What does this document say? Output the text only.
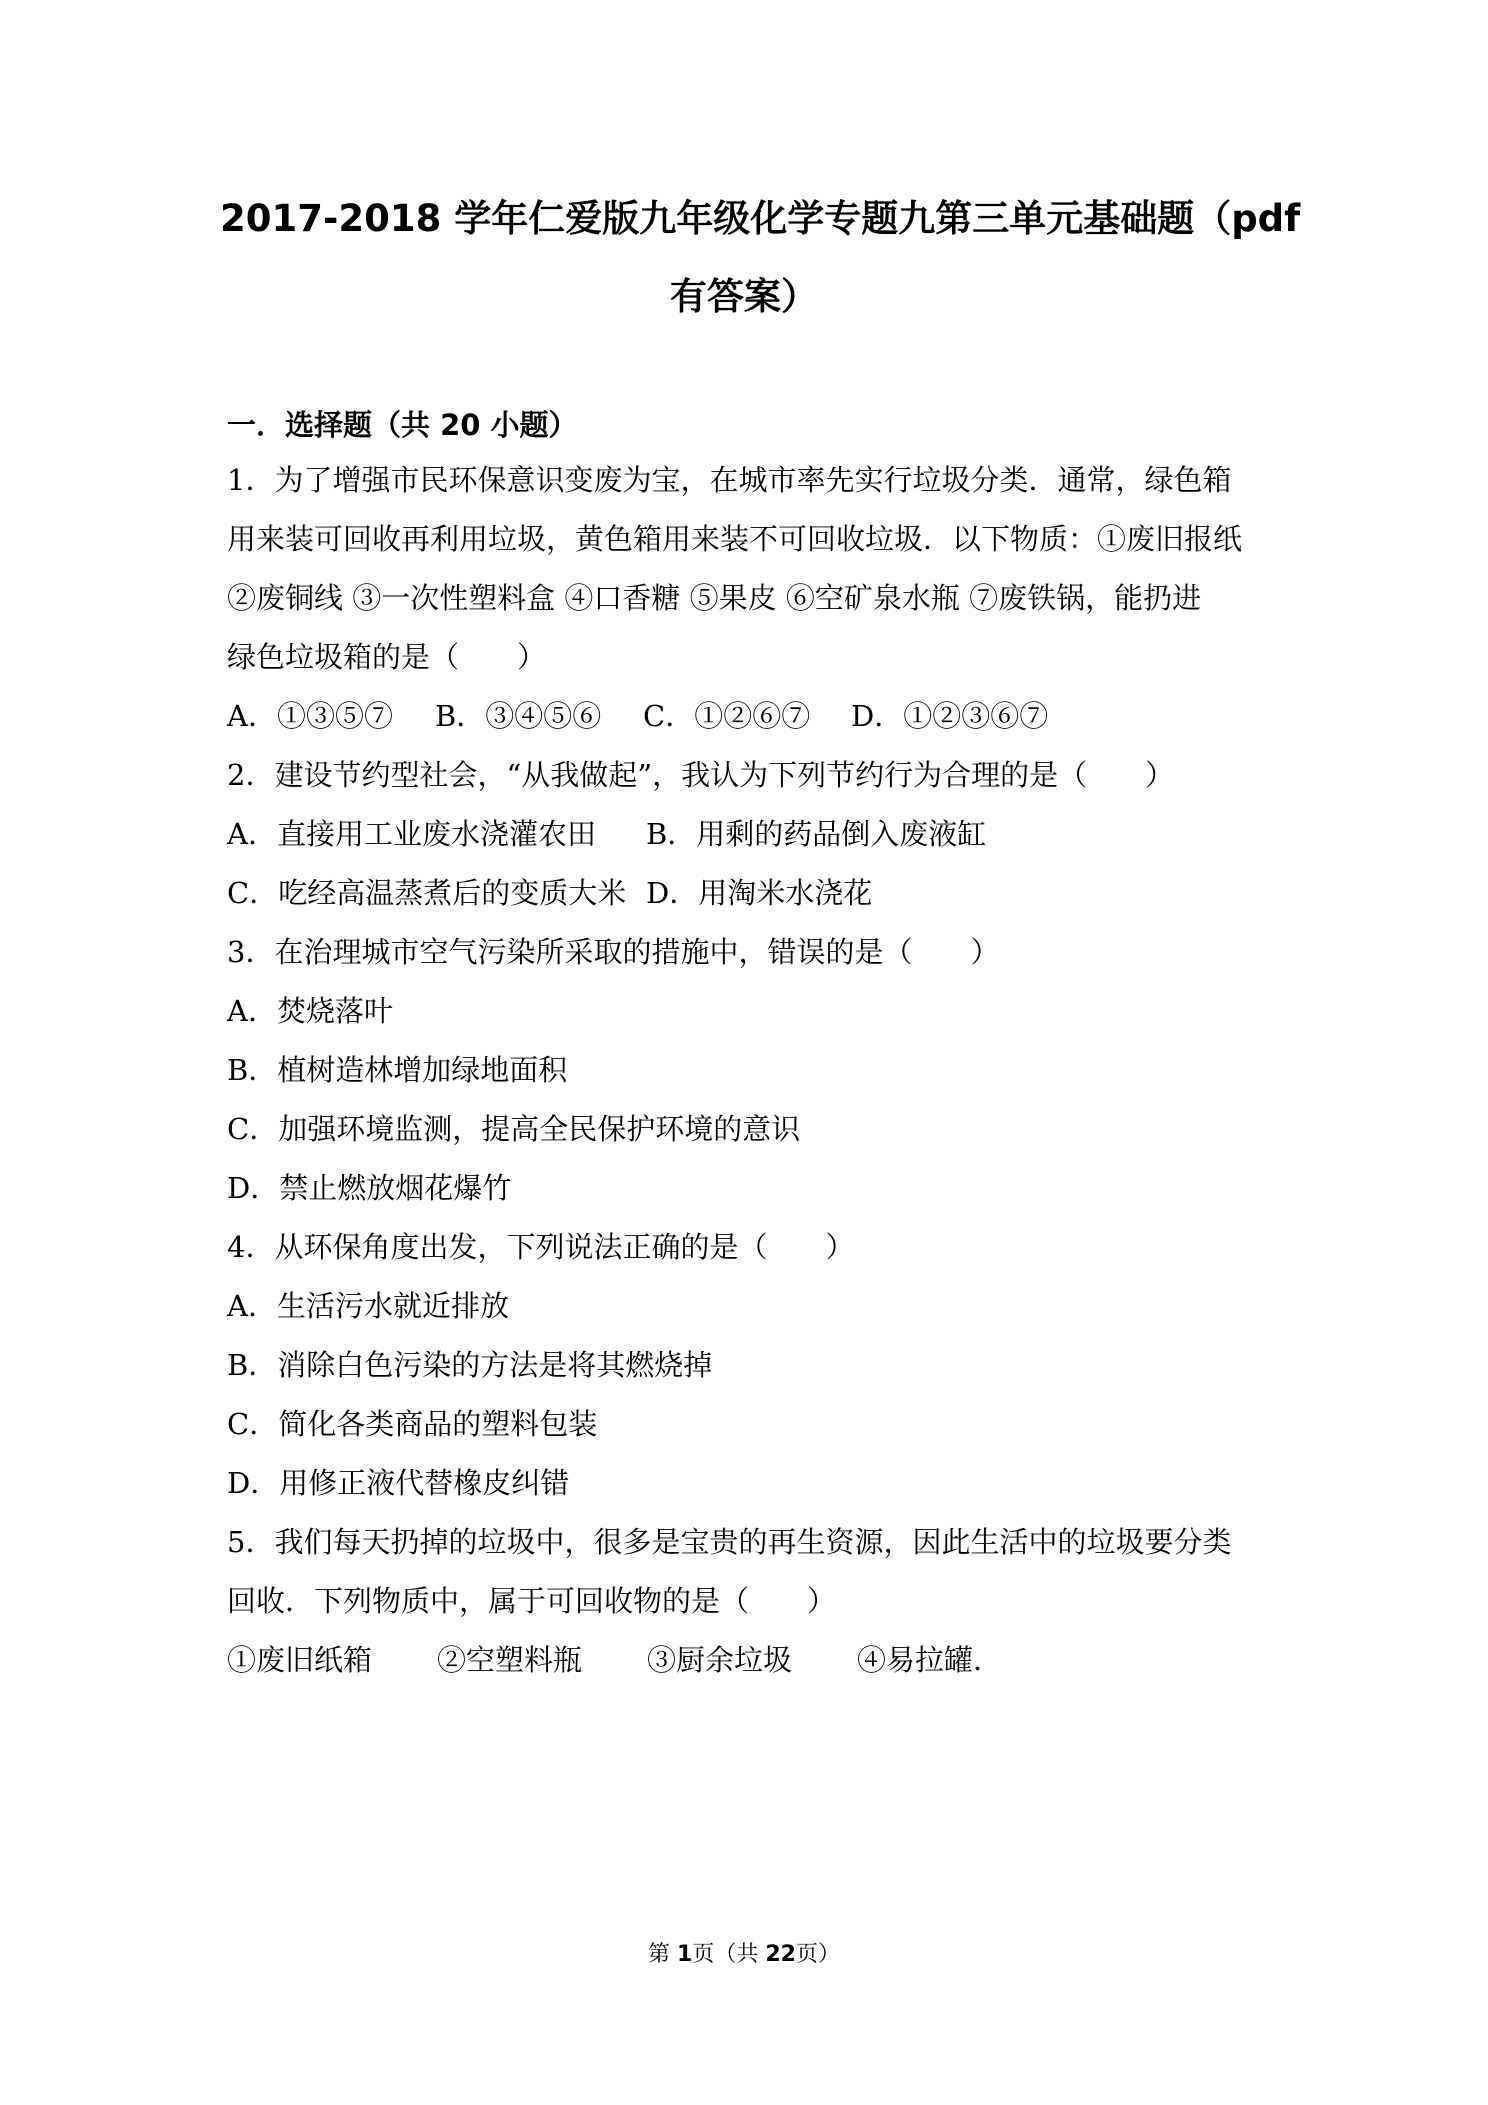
2017-2018 学年仁爱版九年级化学专题九第三单元基础题（pdf
有答案）
一．选择题（共 20 小题）
1．为了增强市民环保意识变废为宝，在城市率先实行垃圾分类．通常，绿色箱
用来装可回收再利用垃圾，黄色箱用来装不可回收垃圾．以下物质：①废旧报纸
②废铜线 ③一次性塑料盒 ④口香糖 ⑤果皮 ⑥空矿泉水瓶 ⑦废铁锅，能扔进
绿色垃圾箱的是（　　）
A．①③⑤⑦ B．③④⑤⑥ C．①②⑥⑦ D．①②③⑥⑦
2．建设节约型社会，“从我做起”，我认为下列节约行为合理的是（　　）
A．直接用工业废水浇灌农田 B．用剩的药品倒入废液缸
C．吃经高温蒸煮后的变质大米 D．用淘米水浇花
3．在治理城市空气污染所采取的措施中，错误的是（　　）
A．焚烧落叶
B．植树造林增加绿地面积
C．加强环境监测，提高全民保护环境的意识
D．禁止燃放烟花爆竹
4．从环保角度出发，下列说法正确的是（　　）
A．生活污水就近排放
B．消除白色污染的方法是将其燃烧掉
C．简化各类商品的塑料包装
D．用修正液代替橡皮纠错
5．我们每天扔掉的垃圾中，很多是宝贵的再生资源，因此生活中的垃圾要分类
回收．下列物质中，属于可回收物的是（　　）
①废旧纸箱 ②空塑料瓶 ③厨余垃圾 ④易拉罐．
第 1页（共 22页）
